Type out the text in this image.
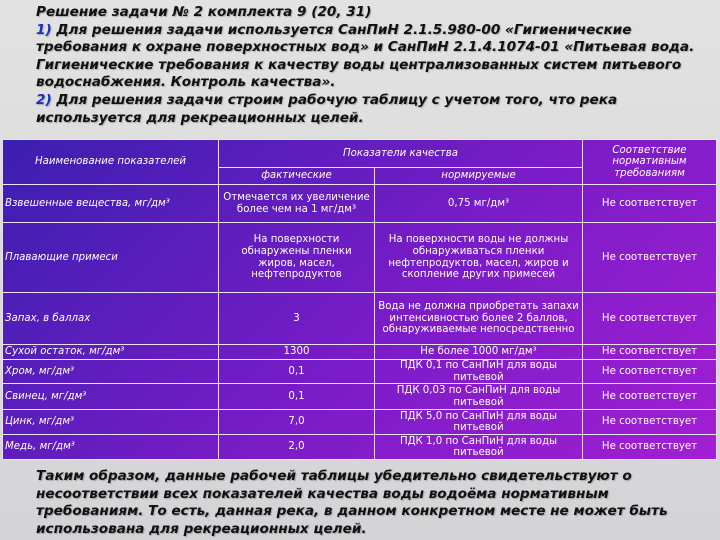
Решение задачи № 2 комплекта 9 (20, 31)

1) Для решения задачи используется СанПиН 2.1.5.980-00 «Гигиенические требования к охране поверхностных вод» и СанПиН 2.1.4.1074-01 «Питьевая вода. Гигиенические требования к качеству воды централизованных систем питьевого водоснабжения. Контроль качества».

2) Для решения задачи строим рабочую таблицу с учетом того, что река используется для рекреационных целей.

Наименование показателей	Показатели качества		Соответствие нормативным требованиям
	фактические	нормируемые	
Взвешенные вещества, мг/дм³	Отмечается их увеличение более чем на 1 мг/дм³	0,75 мг/дм³	Не соответствует
Плавающие примеси	На поверхности обнаружены пленки жиров, масел, нефтепродуктов	На поверхности воды не должны обнаруживаться пленки нефтепродуктов, масел, жиров и скопление других примесей	Не соответствует
Запах, в баллах	3	Вода не должна приобретать запахи интенсивностью более 2 баллов, обнаруживаемые непосредственно	Не соответствует
Сухой остаток, мг/дм³	1300	Не более 1000 мг/дм³	Не соответствует
Хром, мг/дм³	0,1	ПДК 0,1 по СанПиН для воды питьевой	Не соответствует
Свинец, мг/дм³	0,1	ПДК 0,03 по СанПиН для воды питьевой	Не соответствует
Цинк, мг/дм³	7,0	ПДК 5,0 по СанПиН для воды питьевой	Не соответствует
Медь, мг/дм³	2,0	ПДК 1,0 по СанПиН для воды питьевой	Не соответствует

Таким образом, данные рабочей таблицы убедительно свидетельствуют о несоответствии всех показателей качества воды водоёма нормативным требованиям. То есть, данная река, в данном конкретном месте не может быть использована для рекреационных целей.
